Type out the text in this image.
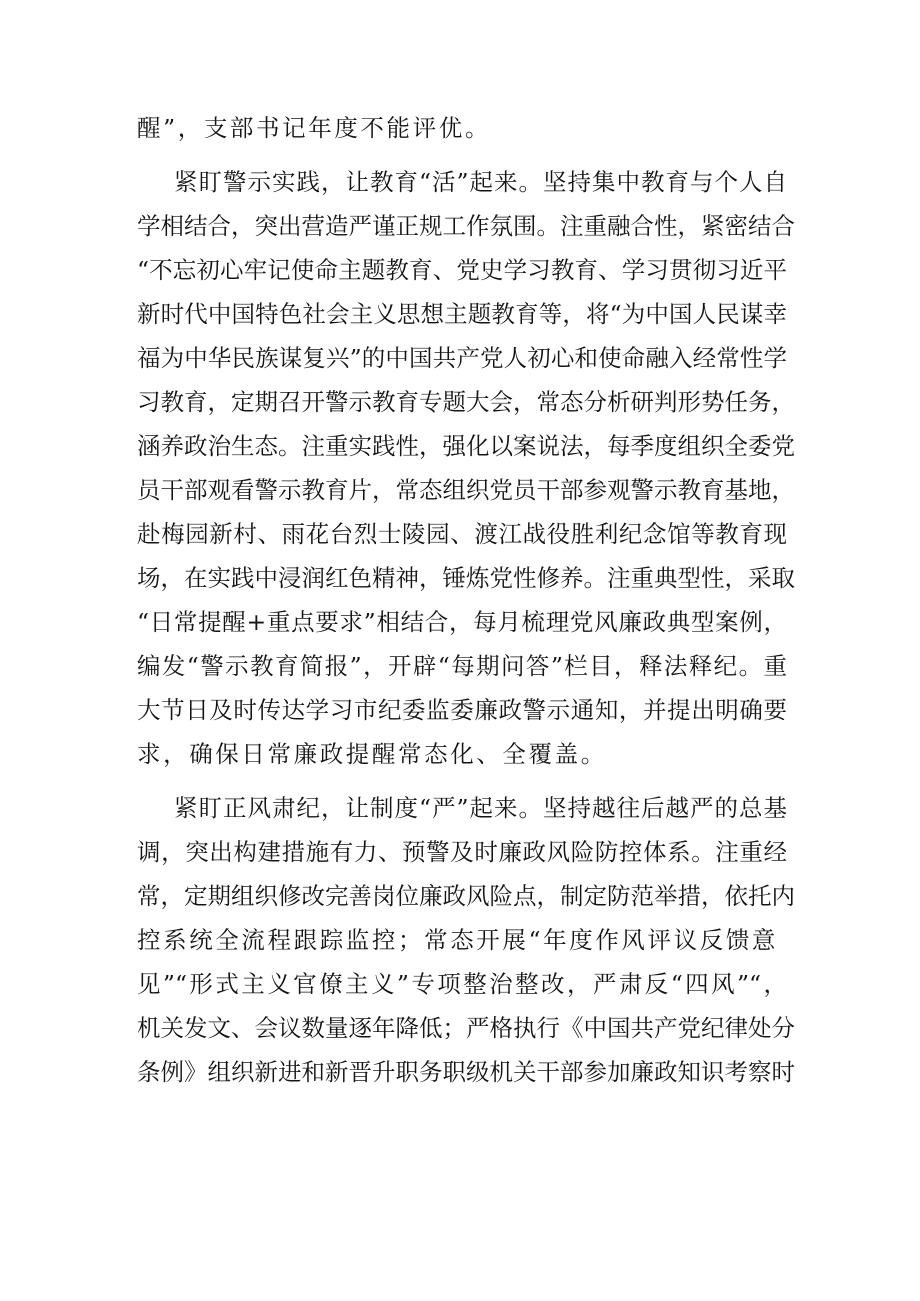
醒”，支部书记年度不能评优。
紧盯警示实践，让教育“活”起来。坚持集中教育与个人自
学相结合，突出营造严谨正规工作氛围。注重融合性，紧密结合
“不忘初心牢记使命主题教育、党史学习教育、学习贯彻习近平
新时代中国特色社会主义思想主题教育等，将“为中国人民谋幸
福为中华民族谋复兴”的中国共产党人初心和使命融入经常性学
习教育，定期召开警示教育专题大会，常态分析研判形势任务，
涵养政治生态。注重实践性，强化以案说法，每季度组织全委党
员干部观看警示教育片，常态组织党员干部参观警示教育基地，
赴梅园新村、雨花台烈士陵园、渡江战役胜利纪念馆等教育现
场，在实践中浸润红色精神，锤炼党性修养。注重典型性，采取
“日常提醒+重点要求”相结合，每月梳理党风廉政典型案例，
编发“警示教育简报”，开辟“每期问答”栏目，释法释纪。重
大节日及时传达学习市纪委监委廉政警示通知，并提出明确要
求，确保日常廉政提醒常态化、全覆盖。
紧盯正风肃纪，让制度“严”起来。坚持越往后越严的总基
调，突出构建措施有力、预警及时廉政风险防控体系。注重经
常，定期组织修改完善岗位廉政风险点，制定防范举措，依托内
控系统全流程跟踪监控；常态开展“年度作风评议反馈意
见”“形式主义官僚主义”专项整治整改，严肃反“四风”“，
机关发文、会议数量逐年降低；严格执行《中国共产党纪律处分
条例》组织新进和新晋升职务职级机关干部参加廉政知识考察时
